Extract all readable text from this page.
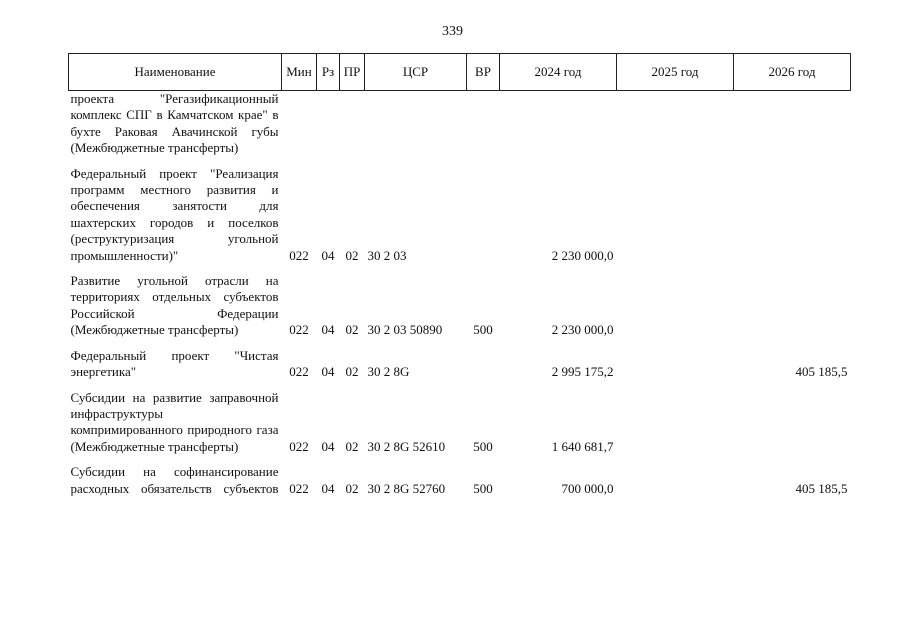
339
Наименование	Мин	Рз	ПР	ЦСР	ВР	2024 год	2025 год	2026 год
проекта "Регазификационный комплекс СПГ в Камчатском крае" в бухте Раковая Авачинской губы (Межбюджетные трансферты)								

Федеральный проект "Реализация программ местного развития и обеспечения занятости для шахтерских городов и поселков (реструктуризация угольной промышленности)"	022	04	02	30 2 03		2 230 000,0		

Развитие угольной отрасли на территориях отдельных субъектов Российской Федерации (Межбюджетные трансферты)	022	04	02	30 2 03 50890	500	2 230 000,0		

Федеральный проект "Чистая энергетика"	022	04	02	30 2 8G		2 995 175,2		405 185,5

Субсидии на развитие заправочной инфраструктуры компримированного природного газа (Межбюджетные трансферты)	022	04	02	30 2 8G 52610	500	1 640 681,7		

Субсидии на софинансирование расходных обязательств субъектов	022	04	02	30 2 8G 52760	500	700 000,0		405 185,5
